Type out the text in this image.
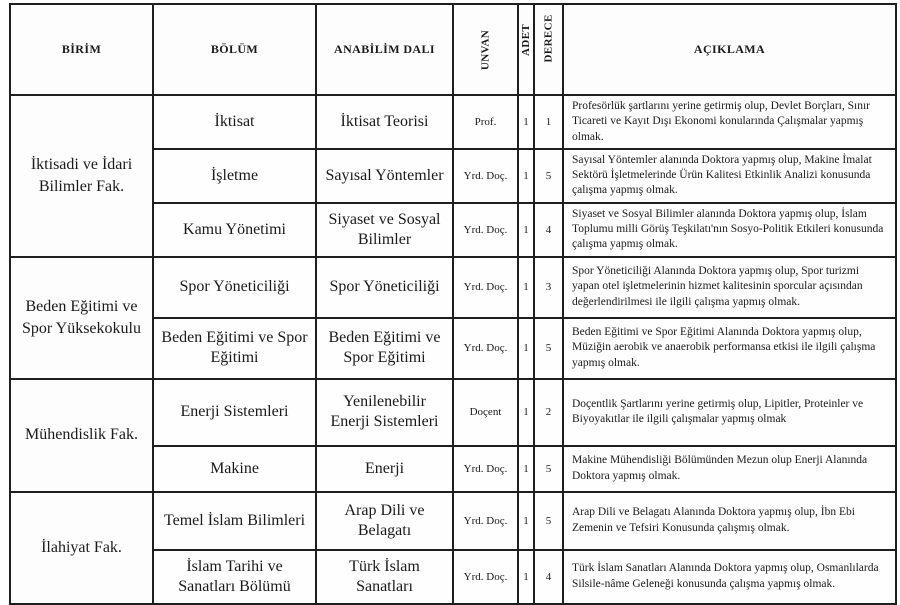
BİRİM	BÖLÜM	ANABİLİM DALI	UNVAN	ADET	DERECE	AÇIKLAMA
İktisadi ve İdari Bilimler Fak.	İktisat	İktisat Teorisi	Prof.	1	1	Profesörlük şartlarını yerine getirmiş olup, Devlet Borçları, Sınır Ticareti ve Kayıt Dışı Ekonomi konularında Çalışmalar yapmış olmak.
	İşletme	Sayısal Yöntemler	Yrd. Doç.	1	5	Sayısal Yöntemler alanında Doktora yapmış olup, Makine İmalat Sektörü İşletmelerinde Ürün Kalitesi Etkinlik Analizi konusunda çalışma yapmış olmak.
	Kamu Yönetimi	Siyaset ve Sosyal Bilimler	Yrd. Doç.	1	4	Siyaset ve Sosyal Bilimler alanında Doktora yapmış olup, İslam Toplumu milli Görüş Teşkilatı'nın Sosyo-Politik Etkileri konusunda çalışma yapmış olmak.
Beden Eğitimi ve Spor Yüksekokulu	Spor Yöneticiliği	Spor Yöneticiliği	Yrd. Doç.	1	3	Spor Yöneticiliği Alanında Doktora yapmış olup, Spor turizmi yapan otel işletmelerinin hizmet kalitesinin sporcular açısından değerlendirilmesi ile ilgili çalışma yapmış olmak.
	Beden Eğitimi ve Spor Eğitimi	Beden Eğitimi ve Spor Eğitimi	Yrd. Doç.	1	5	Beden Eğitimi ve Spor Eğitimi Alanında Doktora yapmış olup, Müziğin aerobik ve anaerobik performansa etkisi ile ilgili çalışma yapmış olmak.
Mühendislik Fak.	Enerji Sistemleri	Yenilenebilir Enerji Sistemleri	Doçent	1	2	Doçentlik Şartlarını yerine getirmiş olup, Lipitler, Proteinler ve Biyoyakıtlar ile ilgili çalışmalar yapmış olmak
	Makine	Enerji	Yrd. Doç.	1	5	Makine Mühendisliği Bölümünden Mezun olup Enerji Alanında Doktora yapmış olmak.
İlahiyat Fak.	Temel İslam Bilimleri	Arap Dili ve Belagatı	Yrd. Doç.	1	5	Arap Dili ve Belagatı Alanında Doktora yapmış olup, İbn Ebi Zemenin ve Tefsiri Konusunda çalışmış olmak.
	İslam Tarihi ve Sanatları Bölümü	Türk İslam Sanatları	Yrd. Doç.	1	4	Türk İslam Sanatları Alanında Doktora yapmış olup, Osmanlılarda Silsile-nâme Geleneği konusunda çalışma yapmış olmak.
